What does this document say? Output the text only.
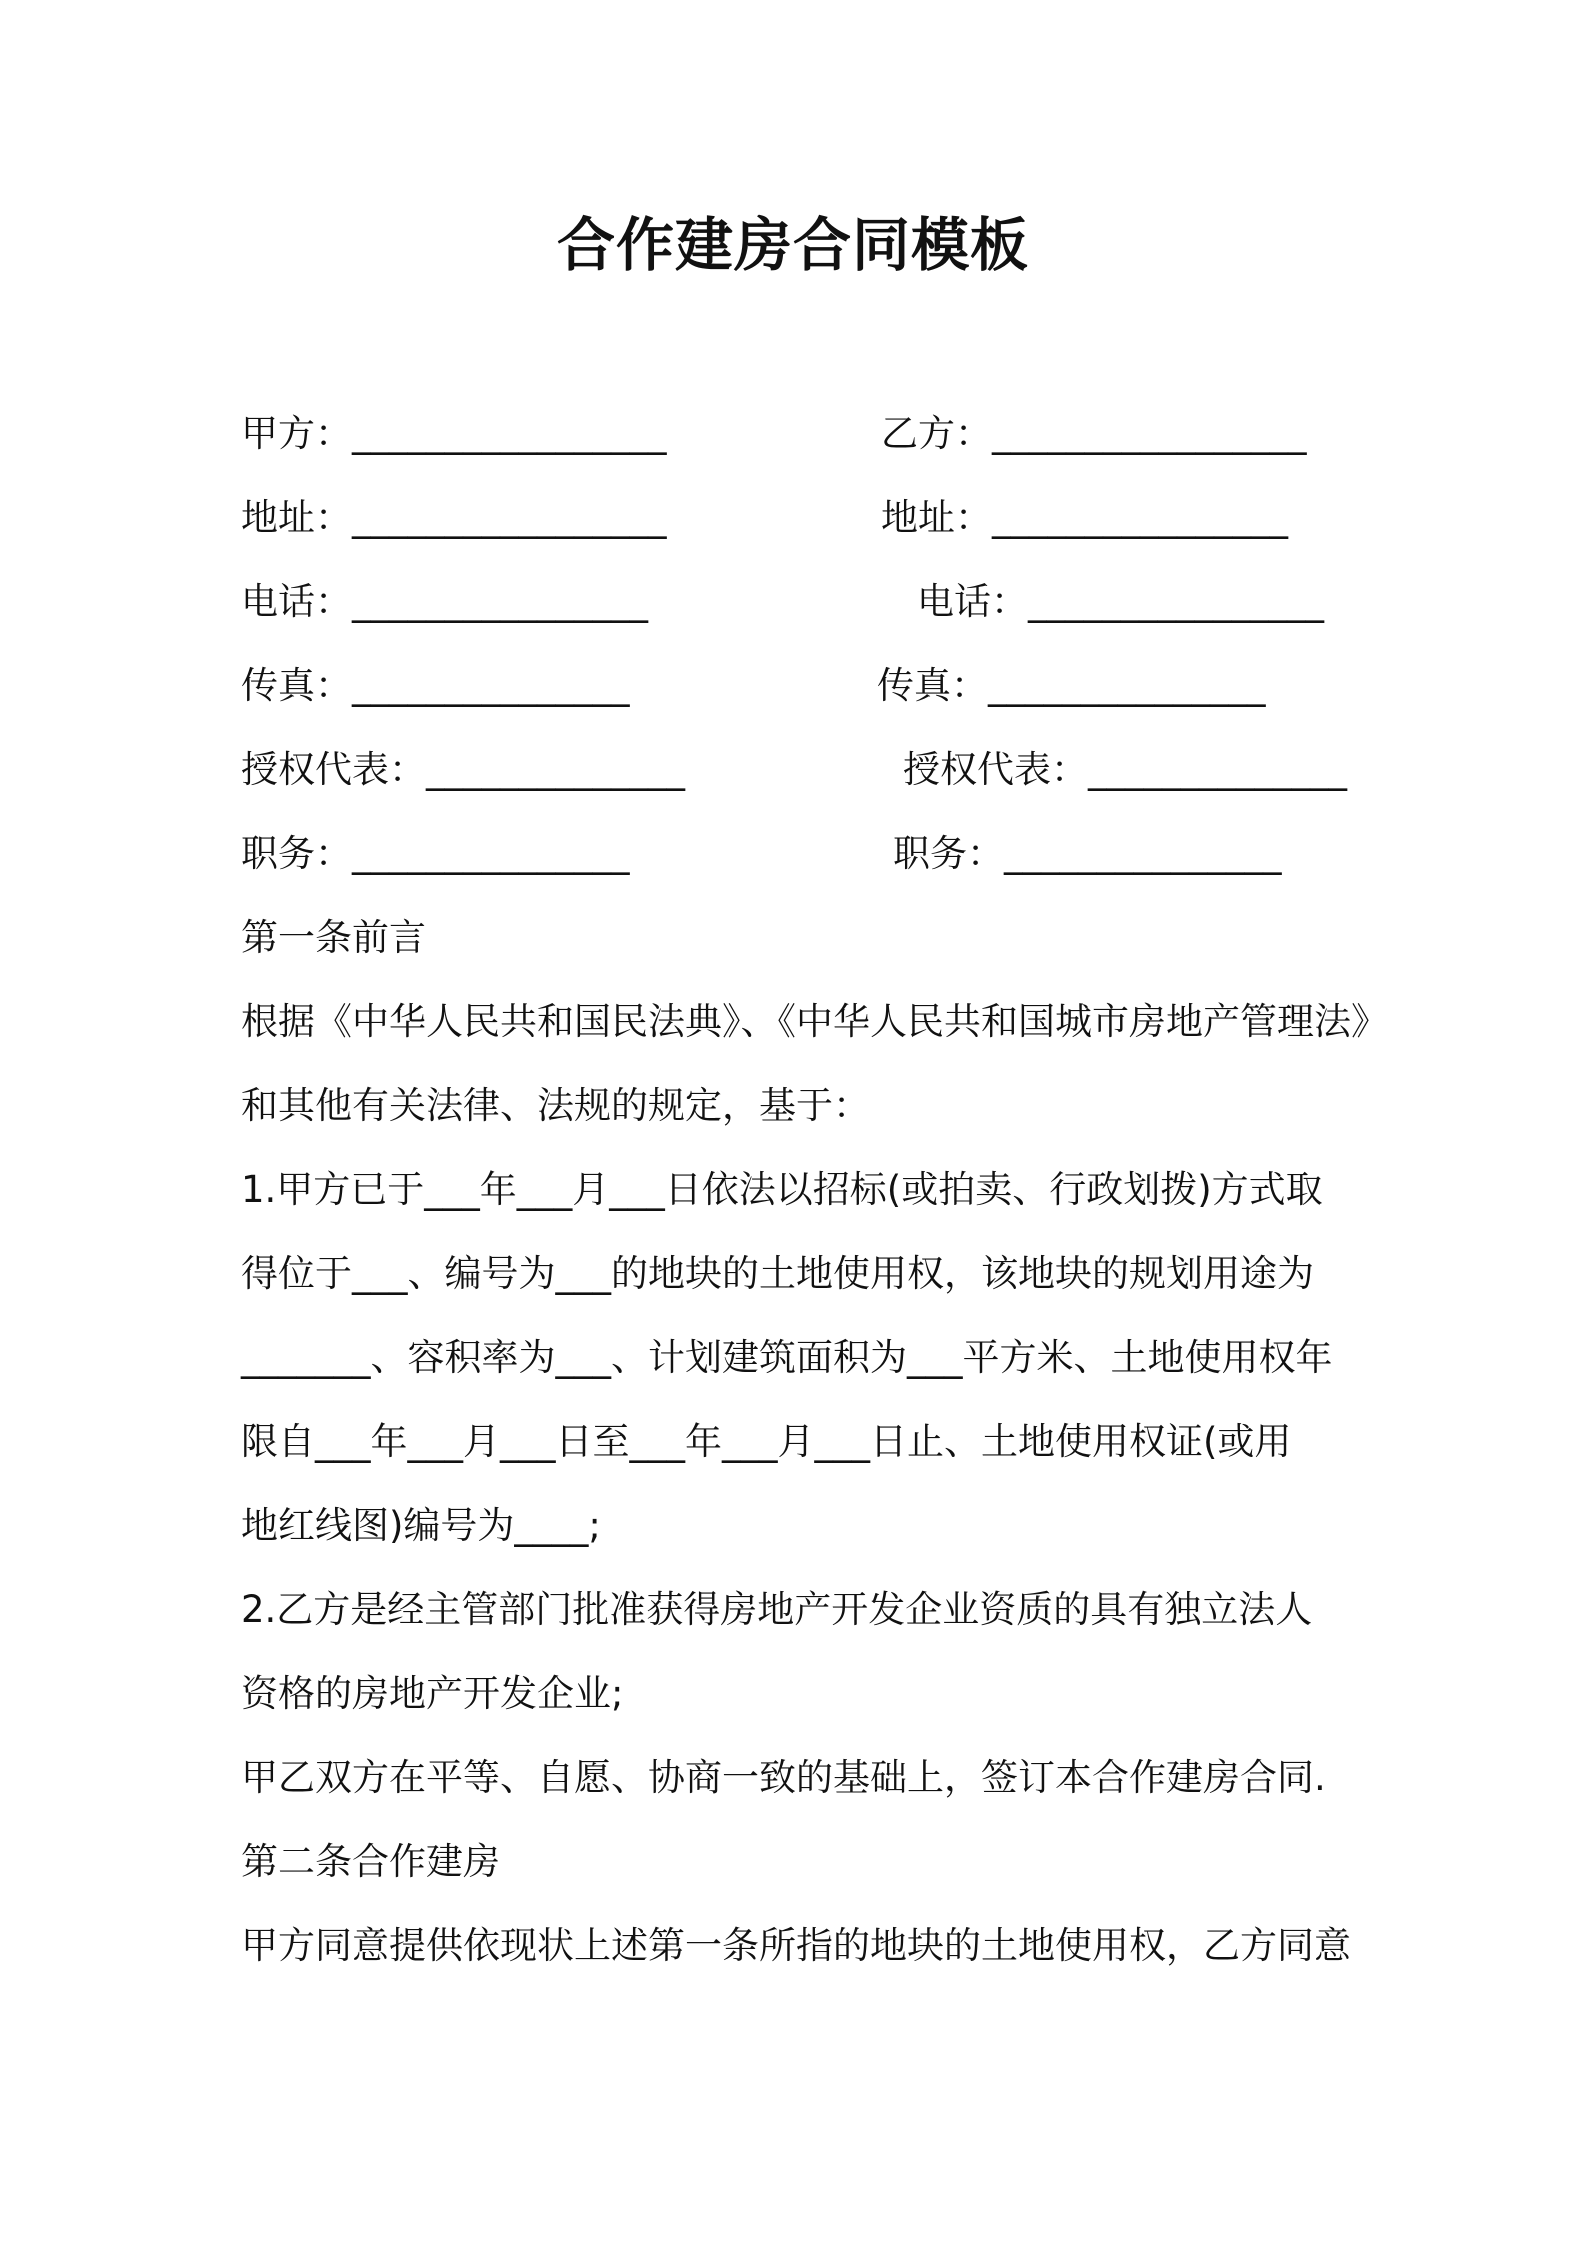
合作建房合同模板
甲方：_________________
地址：_________________
电话：________________
传真：_______________
授权代表：______________
职务：_______________
乙方：_________________
地址：________________
电话：________________
传真：_______________
授权代表：______________
职务：_______________
第一条前言
根据《中华人民共和国民法典》、《中华人民共和国城市房地产管理法》
和其他有关法律、法规的规定，基于：
1.甲方已于___年___月___日依法以招标(或拍卖、行政划拨)方式取
得位于___、编号为___的地块的土地使用权，该地块的规划用途为
_______、容积率为___、计划建筑面积为___平方米、土地使用权年
限自___年___月___日至___年___月___日止、土地使用权证(或用
地红线图)编号为____;
2.乙方是经主管部门批准获得房地产开发企业资质的具有独立法人
资格的房地产开发企业;
甲乙双方在平等、自愿、协商一致的基础上，签订本合作建房合同.
第二条合作建房
甲方同意提供依现状上述第一条所指的地块的土地使用权，乙方同意
